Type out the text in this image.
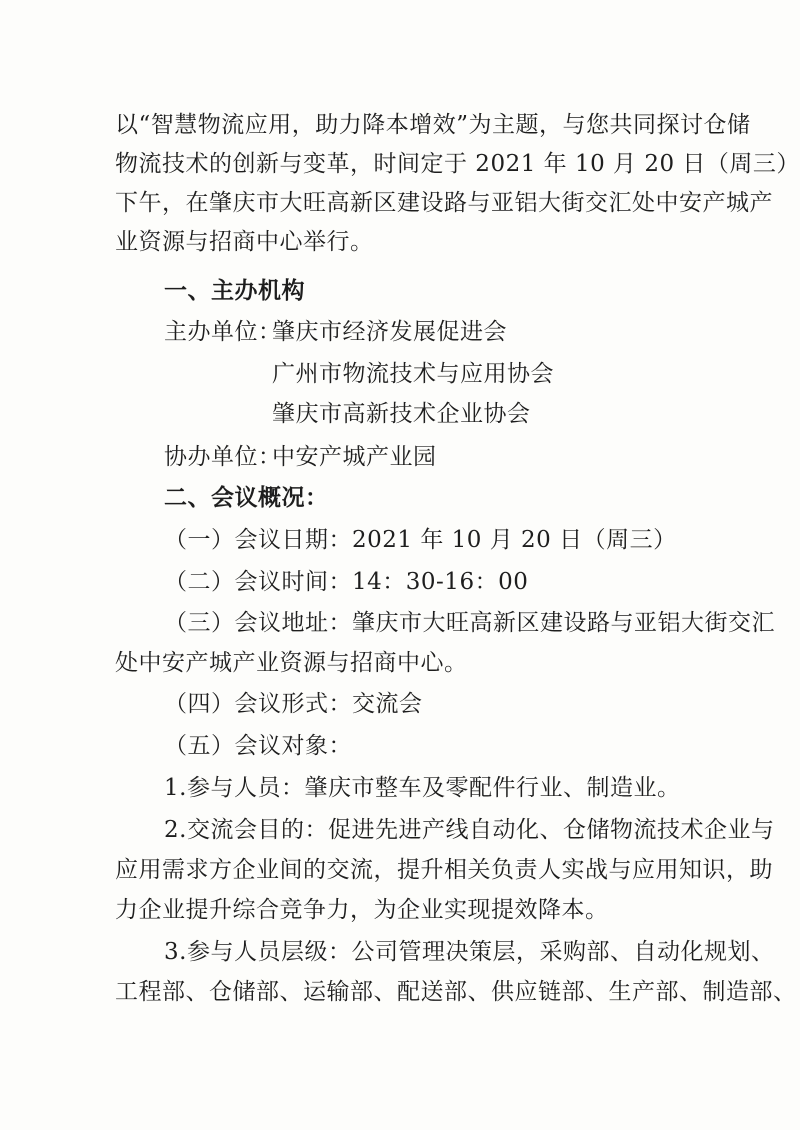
以“智慧物流应用，助力降本增效”为主题，与您共同探讨仓储
物流技术的创新与变革，时间定于 2021 年 10 月 20 日（周三）
下午，在肇庆市大旺高新区建设路与亚铝大街交汇处中安产城产
业资源与招商中心举行。
一、主办机构
主办单位：
肇庆市经济发展促进会
广州市物流技术与应用协会
肇庆市高新技术企业协会
协办单位：
中安产城产业园
二、会议概况：
（一）会议日期：2021 年 10 月 20 日（周三）
（二）会议时间：14：30-16：00
（三）会议地址：肇庆市大旺高新区建设路与亚铝大街交汇
处中安产城产业资源与招商中心。
（四）会议形式：交流会
（五）会议对象：
1.参与人员：肇庆市整车及零配件行业、制造业。
2.交流会目的：促进先进产线自动化、仓储物流技术企业与
应用需求方企业间的交流，提升相关负责人实战与应用知识，助
力企业提升综合竞争力，为企业实现提效降本。
3.参与人员层级：公司管理决策层，采购部、自动化规划、
工程部、仓储部、运输部、配送部、供应链部、生产部、制造部、
